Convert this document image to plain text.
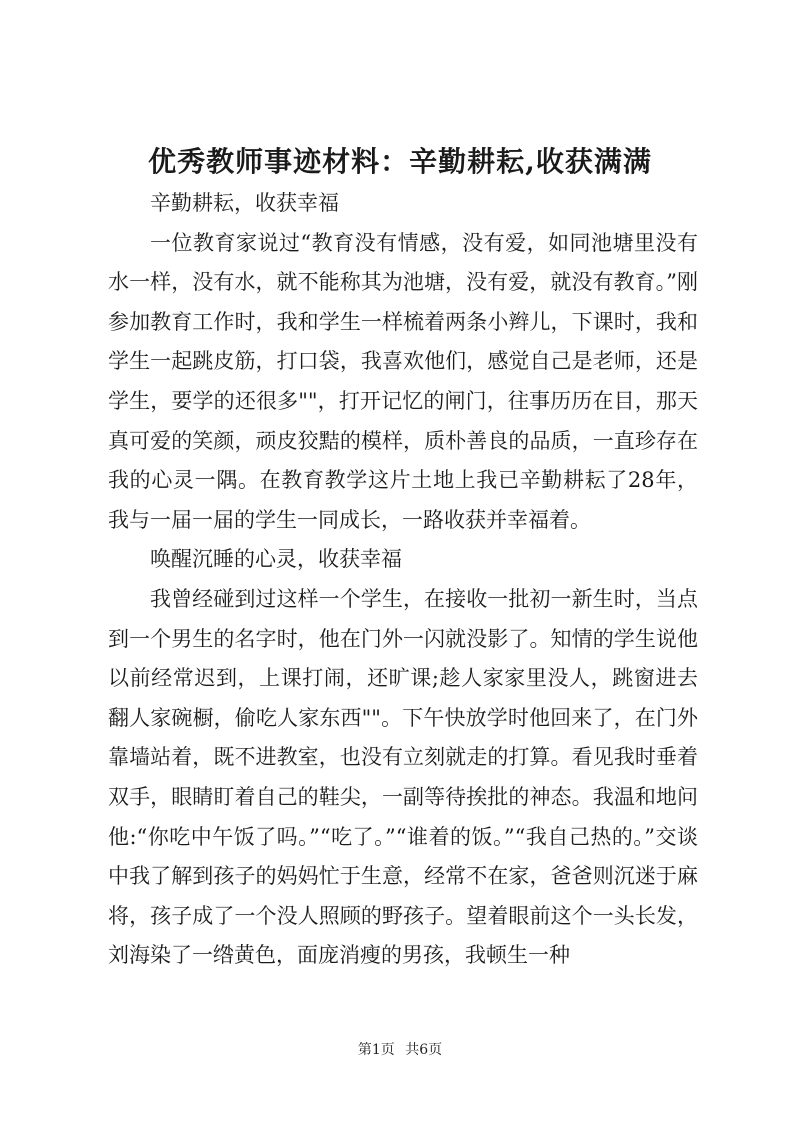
优秀教师事迹材料：辛勤耕耘,收获满满

辛勤耕耘，收获幸福

一位教育家说过“教育没有情感，没有爱，如同池塘里没有水一样，没有水，就不能称其为池塘，没有爱，就没有教育。”刚参加教育工作时，我和学生一样梳着两条小辫儿，下课时，我和学生一起跳皮筋，打口袋，我喜欢他们，感觉自己是老师，还是学生，要学的还很多""，打开记忆的闸门，往事历历在目，那天真可爱的笑颜，顽皮狡黠的模样，质朴善良的品质，一直珍存在我的心灵一隅。在教育教学这片土地上我已辛勤耕耘了28年，我与一届一届的学生一同成长，一路收获并幸福着。

唤醒沉睡的心灵，收获幸福

我曾经碰到过这样一个学生，在接收一批初一新生时，当点到一个男生的名字时，他在门外一闪就没影了。知情的学生说他以前经常迟到，上课打闹，还旷课;趁人家家里没人，跳窗进去翻人家碗橱，偷吃人家东西""。下午快放学时他回来了，在门外靠墙站着，既不进教室，也没有立刻就走的打算。看见我时垂着双手，眼睛盯着自己的鞋尖，一副等待挨批的神态。我温和地问他:“你吃中午饭了吗。”“吃了。”“谁着的饭。”“我自己热的。”交谈中我了解到孩子的妈妈忙于生意，经常不在家，爸爸则沉迷于麻将，孩子成了一个没人照顾的野孩子。望着眼前这个一头长发，刘海染了一绺黄色，面庞消瘦的男孩，我顿生一种

第1页 共6页
